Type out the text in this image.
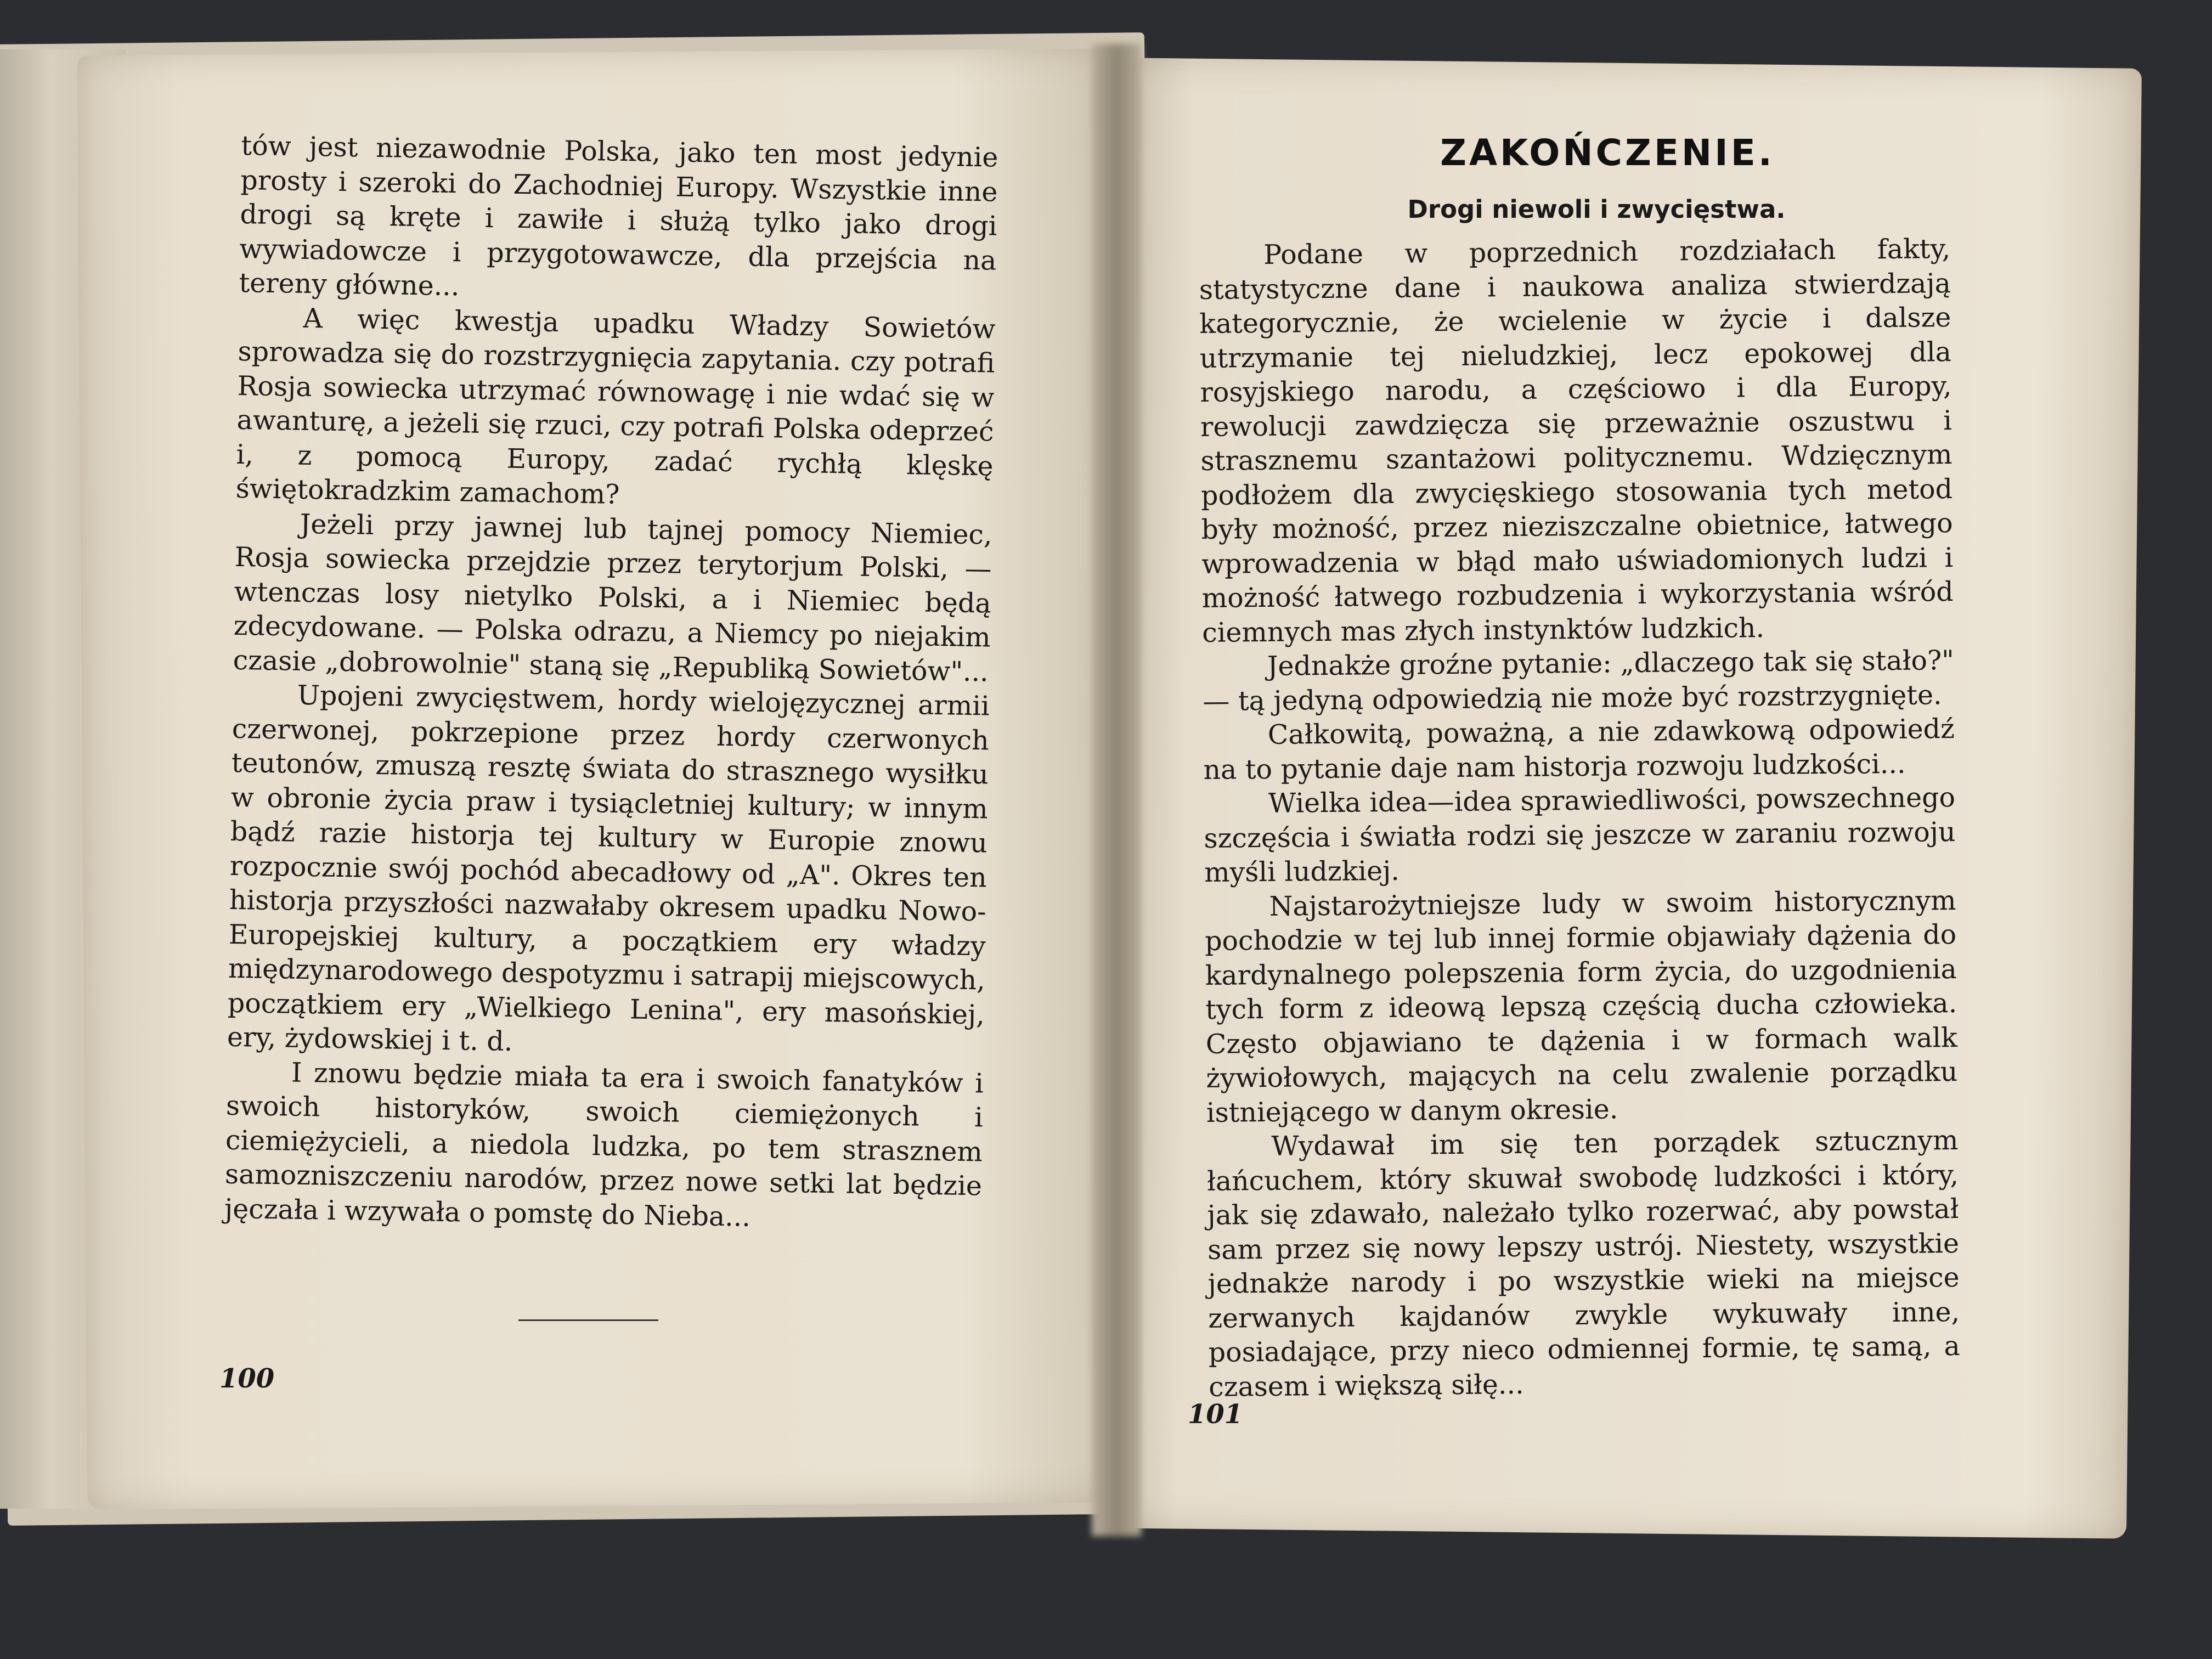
tów jest niezawodnie Polska, jako ten most jedynie prosty i szeroki do Zachodniej Europy. Wszystkie inne drogi są kręte i zawiłe i służą tylko jako drogi wywiadowcze i przygotowawcze, dla przejścia na tereny główne...

A więc kwestja upadku Władzy Sowietów sprowadza się do rozstrzygnięcia zapytania. czy potrafi Rosja sowiecka utrzymać równowagę i nie wdać się w awanturę, a jeżeli się rzuci, czy potrafi Polska odeprzeć i, z pomocą Europy, zadać rychłą klęskę świętokradzkim zamachom?

Jeżeli przy jawnej lub tajnej pomocy Niemiec, Rosja sowiecka przejdzie przez terytorjum Polski, — wtenczas losy nietylko Polski, a i Niemiec będą zdecydowane. — Polska odrazu, a Niemcy po niejakim czasie „dobrowolnie" staną się „Republiką Sowietów"...

Upojeni zwycięstwem, hordy wielojęzycznej armii czerwonej, pokrzepione przez hordy czerwonych teutonów, zmuszą resztę świata do strasznego wysiłku w obronie życia praw i tysiącletniej kultury; w innym bądź razie historja tej kultury w Europie znowu rozpocznie swój pochód abecadłowy od „A". Okres ten historja przyszłości nazwałaby okresem upadku Nowo-Europejskiej kultury, a początkiem ery władzy międzynarodowego despotyzmu i satrapij miejscowych, początkiem ery „Wielkiego Lenina", ery masońskiej, ery, żydowskiej i t. d.

I znowu będzie miała ta era i swoich fanatyków i swoich historyków, swoich ciemiężonych i ciemiężycieli, a niedola ludzka, po tem strasznem samozniszczeniu narodów, przez nowe setki lat będzie jęczała i wzywała o pomstę do Nieba...

100
ZAKOŃCZENIE.
Drogi niewoli i zwycięstwa.

Podane w poprzednich rozdziałach fakty, statystyczne dane i naukowa analiza stwierdzają kategorycznie, że wcielenie w życie i dalsze utrzymanie tej nieludzkiej, lecz epokowej dla rosyjskiego narodu, a częściowo i dla Europy, rewolucji zawdzięcza się przeważnie oszustwu i strasznemu szantażowi politycznemu. Wdzięcznym podłożem dla zwycięskiego stosowania tych metod były możność, przez nieziszczalne obietnice, łatwego wprowadzenia w błąd mało uświadomionych ludzi i możność łatwego rozbudzenia i wykorzystania wśród ciemnych mas złych instynktów ludzkich.

Jednakże groźne pytanie: „dlaczego tak się stało?" — tą jedyną odpowiedzią nie może być rozstrzygnięte.

Całkowitą, poważną, a nie zdawkową odpowiedź na to pytanie daje nam historja rozwoju ludzkości...

Wielka idea—idea sprawiedliwości, powszechnego szczęścia i światła rodzi się jeszcze w zaraniu rozwoju myśli ludzkiej.

Najstarożytniejsze ludy w swoim historycznym pochodzie w tej lub innej formie objawiały dążenia do kardynalnego polepszenia form życia, do uzgodnienia tych form z ideową lepszą częścią ducha człowieka. Często objawiano te dążenia i w formach walk żywiołowych, mających na celu zwalenie porządku istniejącego w danym okresie.

Wydawał im się ten porządek sztucznym łańcuchem, który skuwał swobodę ludzkości i który, jak się zdawało, należało tylko rozerwać, aby powstał sam przez się nowy lepszy ustrój. Niestety, wszystkie jednakże narody i po wszystkie wieki na miejsce zerwanych kajdanów zwykle wykuwały inne, posiadające, przy nieco odmiennej formie, tę samą, a czasem i większą siłę...

101
